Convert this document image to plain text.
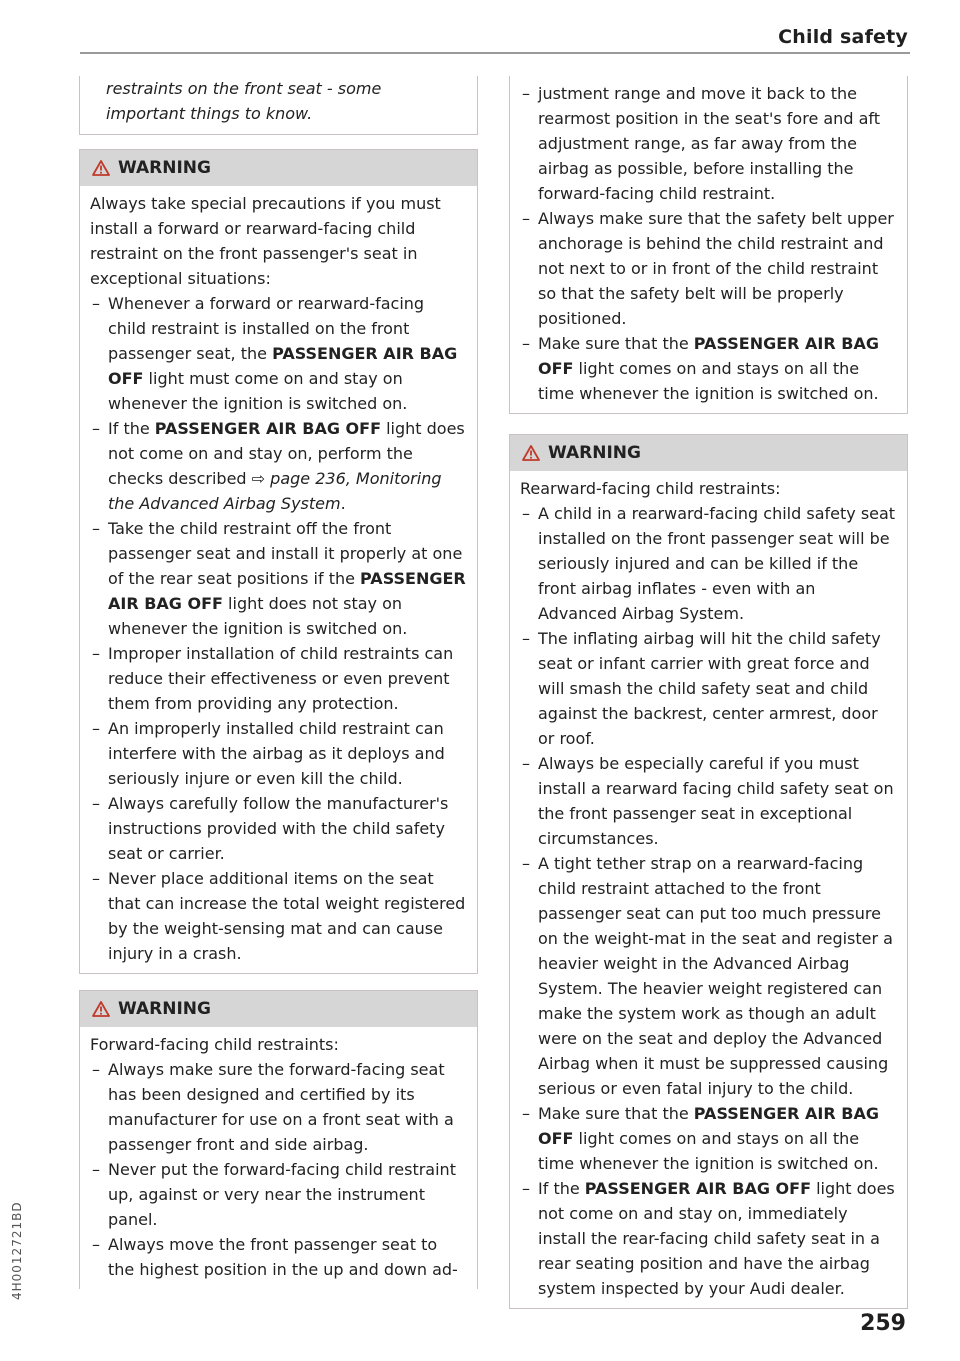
Child safety
restraints on the front seat - some important things to know.
WARNING
Always take special precautions if you must install a forward or rearward-facing child restraint on the front passenger's seat in exceptional situations:
– Whenever a forward or rearward-facing child restraint is installed on the front passenger seat, the PASSENGER AIR BAG OFF light must come on and stay on whenever the ignition is switched on.
– If the PASSENGER AIR BAG OFF light does not come on and stay on, perform the checks described ⇨ page 236, Monitoring the Advanced Airbag System.
– Take the child restraint off the front passenger seat and install it properly at one of the rear seat positions if the PASSENGER AIR BAG OFF light does not stay on whenever the ignition is switched on.
– Improper installation of child restraints can reduce their effectiveness or even prevent them from providing any protection.
– An improperly installed child restraint can interfere with the airbag as it deploys and seriously injure or even kill the child.
– Always carefully follow the manufacturer's instructions provided with the child safety seat or carrier.
– Never place additional items on the seat that can increase the total weight registered by the weight-sensing mat and can cause injury in a crash.
WARNING
Forward-facing child restraints:
– Always make sure the forward-facing seat has been designed and certified by its manufacturer for use on a front seat with a passenger front and side airbag.
– Never put the forward-facing child restraint up, against or very near the instrument panel.
– Always move the front passenger seat to the highest position in the up and down ad-
– justment range and move it back to the rearmost position in the seat's fore and aft adjustment range, as far away from the airbag as possible, before installing the forward-facing child restraint.
– Always make sure that the safety belt upper anchorage is behind the child restraint and not next to or in front of the child restraint so that the safety belt will be properly positioned.
– Make sure that the PASSENGER AIR BAG OFF light comes on and stays on all the time whenever the ignition is switched on.
WARNING
Rearward-facing child restraints:
– A child in a rearward-facing child safety seat installed on the front passenger seat will be seriously injured and can be killed if the front airbag inflates - even with an Advanced Airbag System.
– The inflating airbag will hit the child safety seat or infant carrier with great force and will smash the child safety seat and child against the backrest, center armrest, door or roof.
– Always be especially careful if you must install a rearward facing child safety seat on the front passenger seat in exceptional circumstances.
– A tight tether strap on a rearward-facing child restraint attached to the front passenger seat can put too much pressure on the weight-mat in the seat and register a heavier weight in the Advanced Airbag System. The heavier weight registered can make the system work as though an adult were on the seat and deploy the Advanced Airbag when it must be suppressed causing serious or even fatal injury to the child.
– Make sure that the PASSENGER AIR BAG OFF light comes on and stays on all the time whenever the ignition is switched on.
– If the PASSENGER AIR BAG OFF light does not come on and stay on, immediately install the rear-facing child safety seat in a rear seating position and have the airbag system inspected by your Audi dealer.
259
4H0012721BD
